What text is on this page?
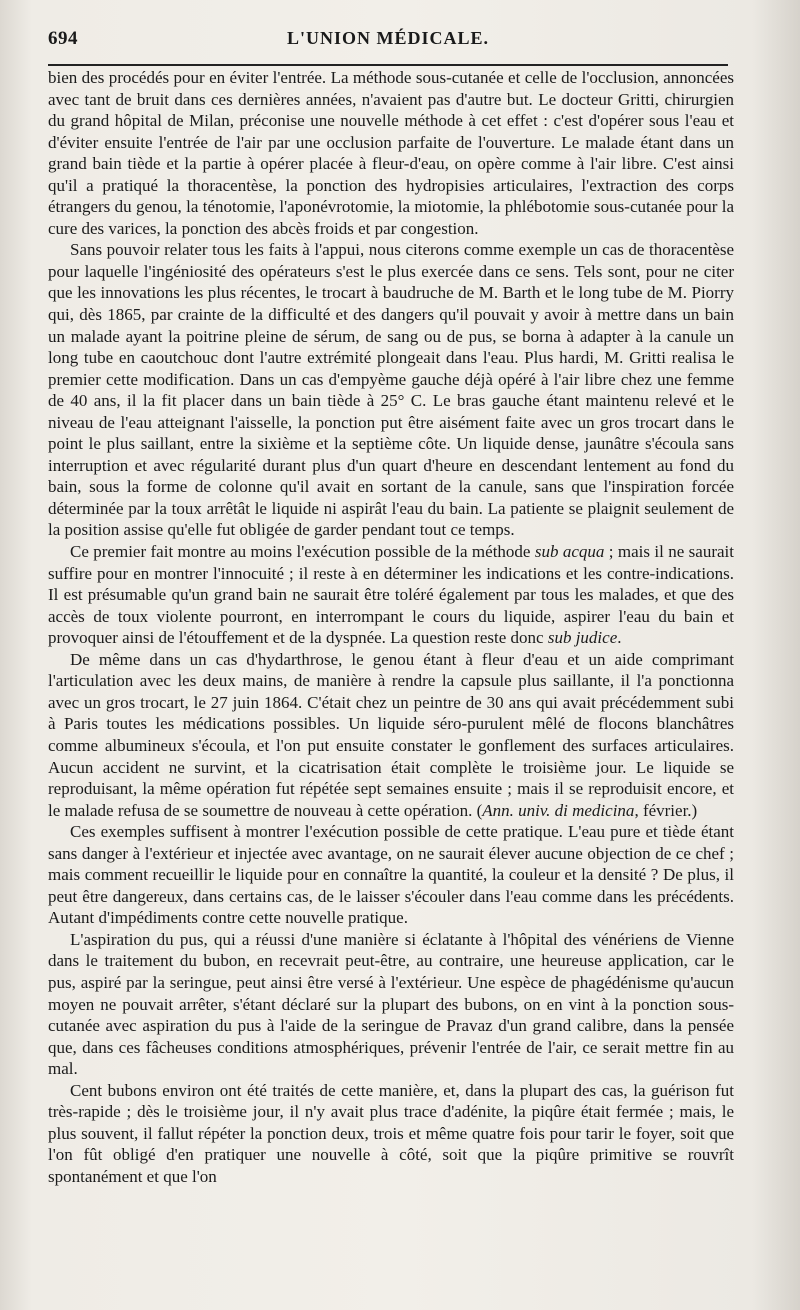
694	L'UNION MÉDICALE.

bien des procédés pour en éviter l'entrée. La méthode sous-cutanée et celle de l'occlusion, annoncées avec tant de bruit dans ces dernières années, n'avaient pas d'autre but. Le docteur Gritti, chirurgien du grand hôpital de Milan, préconise une nouvelle méthode à cet effet : c'est d'opérer sous l'eau et d'éviter ensuite l'entrée de l'air par une occlusion parfaite de l'ouverture. Le malade étant dans un grand bain tiède et la partie à opérer placée à fleur-d'eau, on opère comme à l'air libre. C'est ainsi qu'il a pratiqué la thoracentèse, la ponction des hydropisies articulaires, l'extraction des corps étrangers du genou, la ténotomie, l'aponévrotomie, la miotomie, la phlébotomie sous-cutanée pour la cure des varices, la ponction des abcès froids et par congestion.

Sans pouvoir relater tous les faits à l'appui, nous citerons comme exemple un cas de thoracentèse pour laquelle l'ingéniosité des opérateurs s'est le plus exercée dans ce sens. Tels sont, pour ne citer que les innovations les plus récentes, le trocart à baudruche de M. Barth et le long tube de M. Piorry qui, dès 1865, par crainte de la difficulté et des dangers qu'il pouvait y avoir à mettre dans un bain un malade ayant la poitrine pleine de sérum, de sang ou de pus, se borna à adapter à la canule un long tube en caoutchouc dont l'autre extrémité plongeait dans l'eau. Plus hardi, M. Gritti realisa le premier cette modification. Dans un cas d'empyème gauche déjà opéré à l'air libre chez une femme de 40 ans, il la fit placer dans un bain tiède à 25° C. Le bras gauche étant maintenu relevé et le niveau de l'eau atteignant l'aisselle, la ponction put être aisément faite avec un gros trocart dans le point le plus saillant, entre la sixième et la septième côte. Un liquide dense, jaunâtre s'écoula sans interruption et avec régularité durant plus d'un quart d'heure en descendant lentement au fond du bain, sous la forme de colonne qu'il avait en sortant de la canule, sans que l'inspiration forcée déterminée par la toux arrêtât le liquide ni aspirât l'eau du bain. La patiente se plaignit seulement de la position assise qu'elle fut obligée de garder pendant tout ce temps.

Ce premier fait montre au moins l'exécution possible de la méthode sub acqua ; mais il ne saurait suffire pour en montrer l'innocuité ; il reste à en déterminer les indications et les contre-indications. Il est présumable qu'un grand bain ne saurait être toléré également par tous les malades, et que des accès de toux violente pourront, en interrompant le cours du liquide, aspirer l'eau du bain et provoquer ainsi de l'étouffement et de la dyspnée. La question reste donc sub judice.

De même dans un cas d'hydarthrose, le genou étant à fleur d'eau et un aide comprimant l'articulation avec les deux mains, de manière à rendre la capsule plus saillante, il l'a ponctionna avec un gros trocart, le 27 juin 1864. C'était chez un peintre de 30 ans qui avait précédemment subi à Paris toutes les médications possibles. Un liquide séro-purulent mêlé de flocons blanchâtres comme albumineux s'écoula, et l'on put ensuite constater le gonflement des surfaces articulaires. Aucun accident ne survint, et la cicatrisation était complète le troisième jour. Le liquide se reproduisant, la même opération fut répétée sept semaines ensuite ; mais il se reproduisit encore, et le malade refusa de se soumettre de nouveau à cette opération. (Ann. univ. di medicina, février.)

Ces exemples suffisent à montrer l'exécution possible de cette pratique. L'eau pure et tiède étant sans danger à l'extérieur et injectée avec avantage, on ne saurait élever aucune objection de ce chef ; mais comment recueillir le liquide pour en connaître la quantité, la couleur et la densité ? De plus, il peut être dangereux, dans certains cas, de le laisser s'écouler dans l'eau comme dans les précédents. Autant d'impédiments contre cette nouvelle pratique.

L'aspiration du pus, qui a réussi d'une manière si éclatante à l'hôpital des vénériens de Vienne dans le traitement du bubon, en recevrait peut-être, au contraire, une heureuse application, car le pus, aspiré par la seringue, peut ainsi être versé à l'extérieur. Une espèce de phagédénisme qu'aucun moyen ne pouvait arrêter, s'étant déclaré sur la plupart des bubons, on en vint à la ponction sous-cutanée avec aspiration du pus à l'aide de la seringue de Pravaz d'un grand calibre, dans la pensée que, dans ces fâcheuses conditions atmosphériques, prévenir l'entrée de l'air, ce serait mettre fin au mal.

Cent bubons environ ont été traités de cette manière, et, dans la plupart des cas, la guérison fut très-rapide ; dès le troisième jour, il n'y avait plus trace d'adénite, la piqûre était fermée ; mais, le plus souvent, il fallut répéter la ponction deux, trois et même quatre fois pour tarir le foyer, soit que l'on fût obligé d'en pratiquer une nouvelle à côté, soit que la piqûre primitive se rouvrît spontanément et que l'on
